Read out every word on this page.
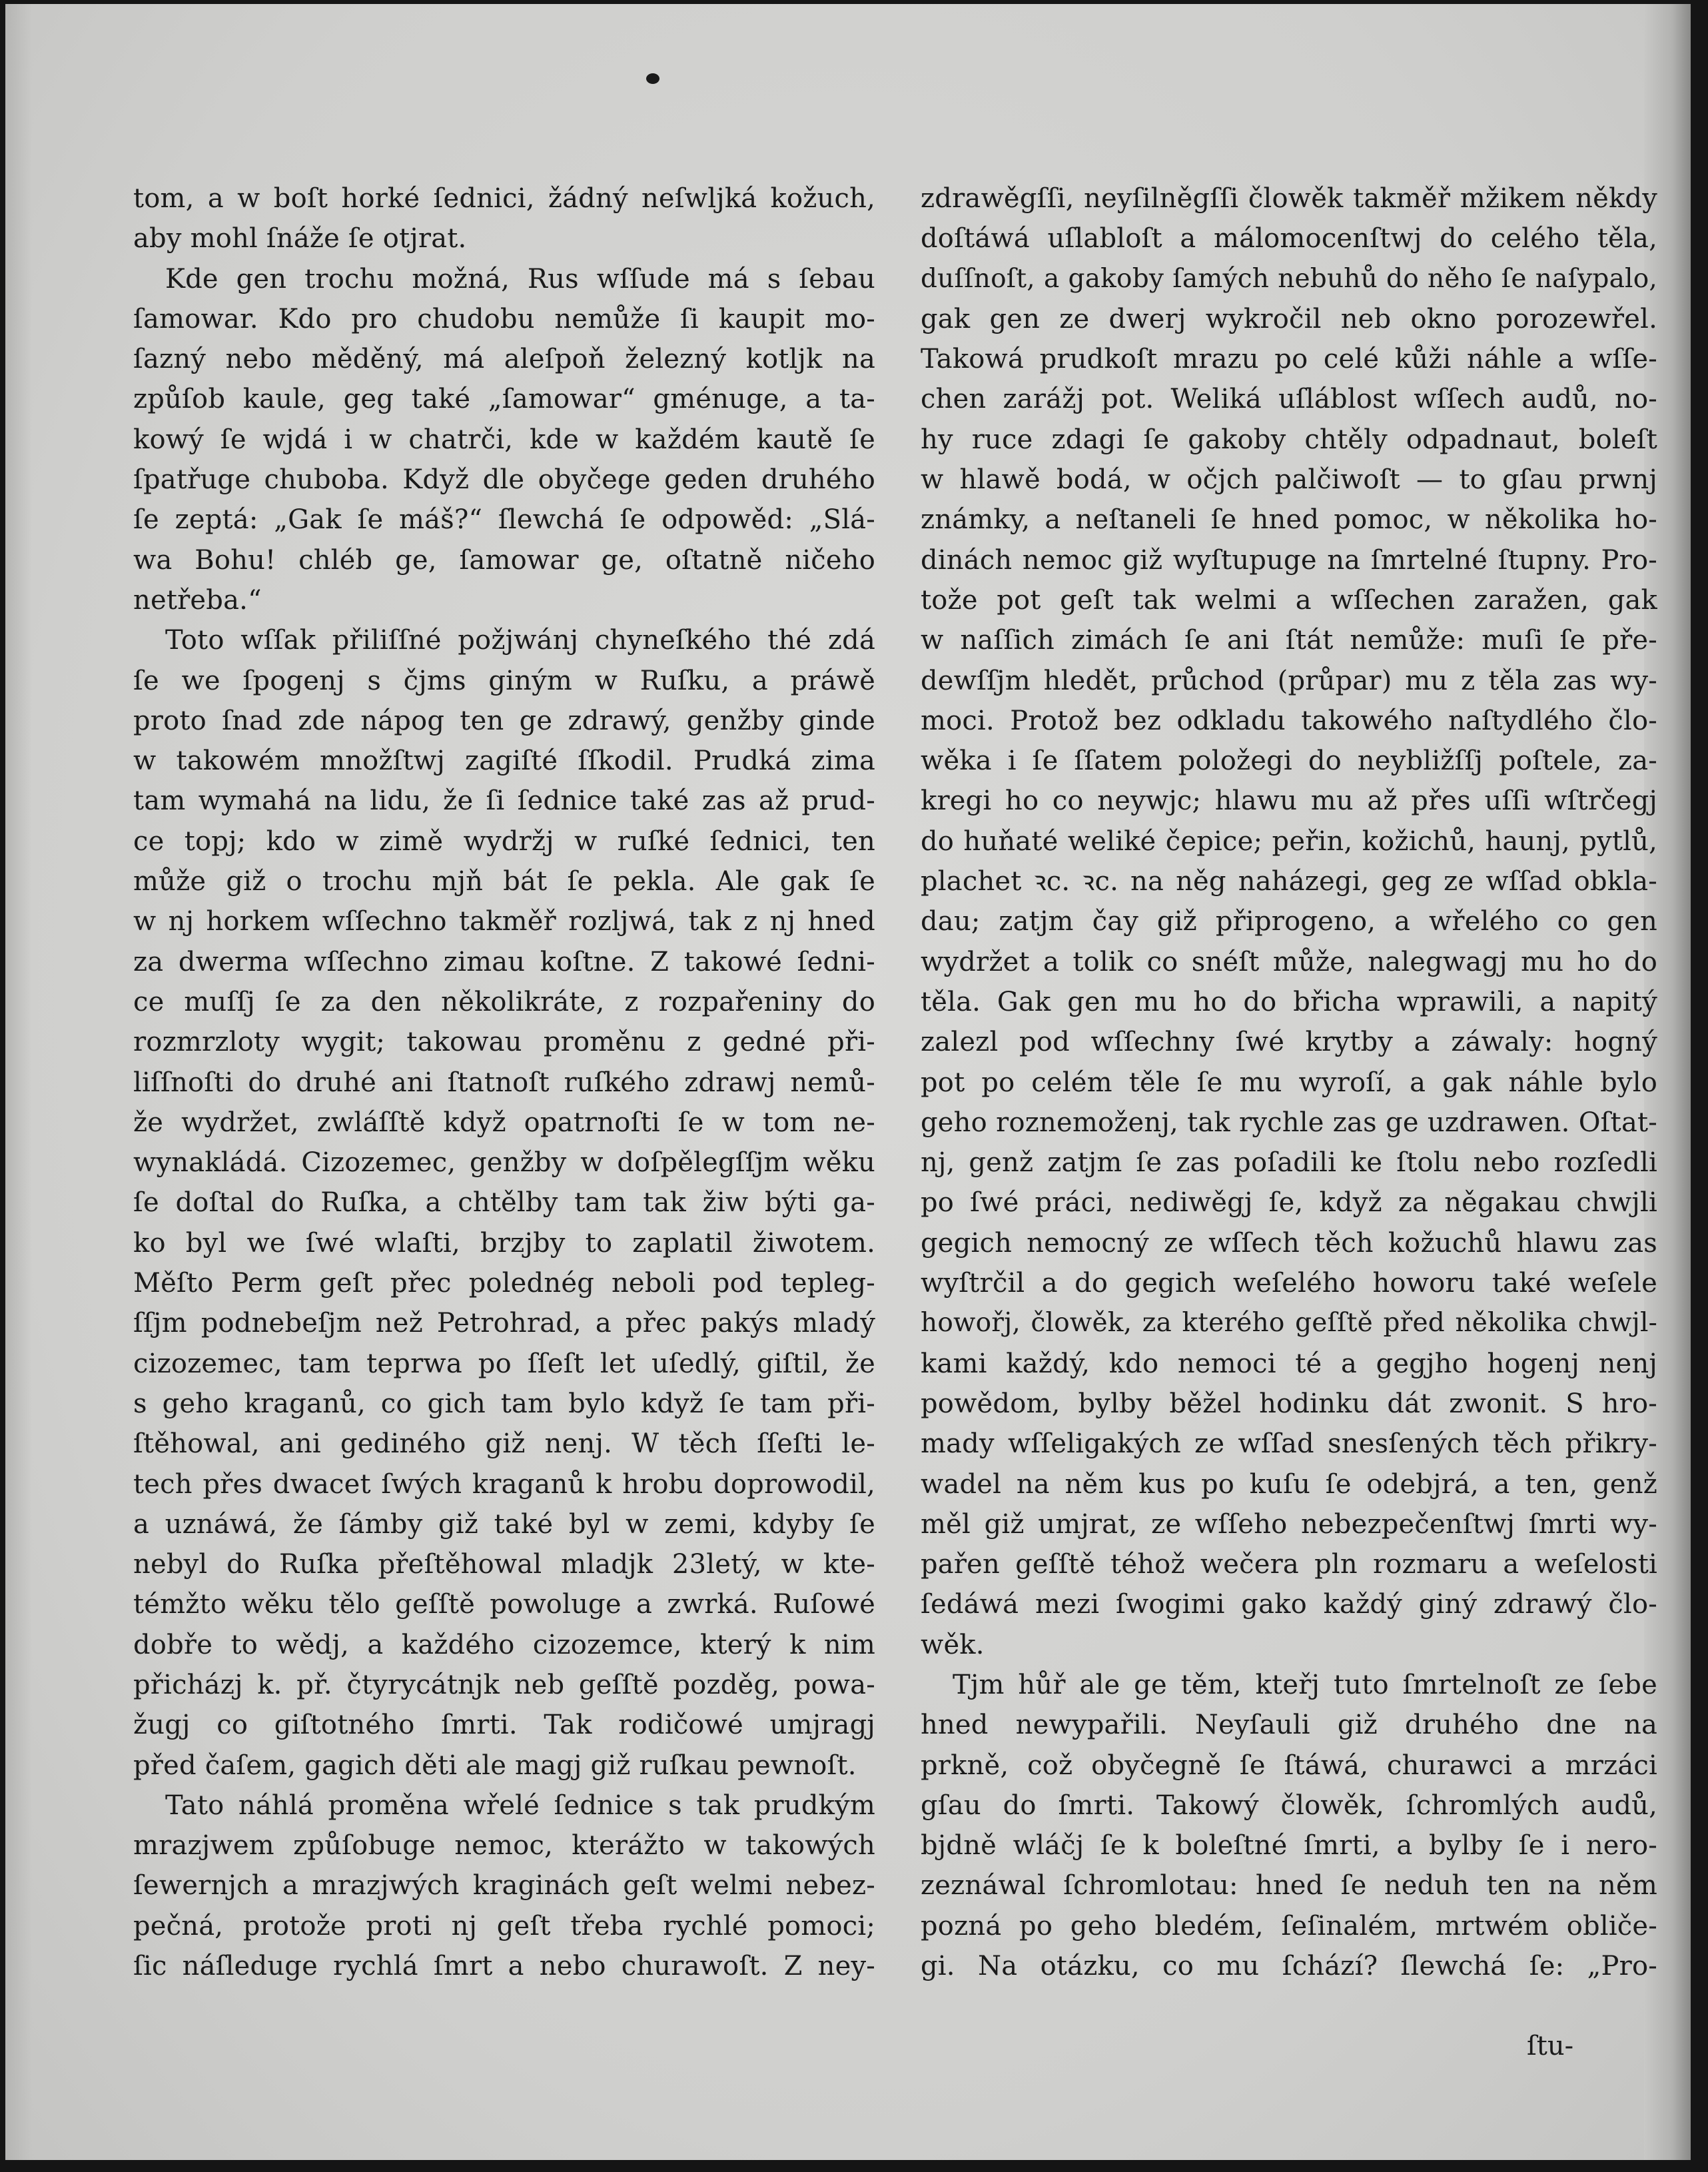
tom, a w boſt horké ſednici, žádný neſwljká kožuch,
aby mohl ſnáže ſe otjrat.
Kde gen trochu možná, Rus wſſude má s ſebau
ſamowar. Kdo pro chudobu nemůže ſi kaupit mo-
ſazný nebo měděný, má aleſpoň železný kotljk na
způſob kaule, geg také „ſamowar“ gménuge, a ta-
kowý ſe wjdá i w chatrči, kde w každém kautě ſe
ſpatřuge chuboba. Když dle obyčege geden druhého
ſe zeptá: „Gak ſe máš?“ ſlewchá ſe odpowěd: „Slá-
wa Bohu! chléb ge, ſamowar ge, oſtatně ničeho
netřeba.“
Toto wſſak přiliſſné požjwánj chyneſkého thé zdá
ſe we ſpogenj s čjms giným w Ruſku, a práwě
proto ſnad zde nápog ten ge zdrawý, genžby ginde
w takowém množſtwj zagiſté ſſkodil. Prudká zima
tam wymahá na lidu, že ſi ſednice také zas až prud-
ce topj; kdo w zimě wydržj w ruſké ſednici, ten
může giž o trochu mjň bát ſe pekla. Ale gak ſe
w nj horkem wſſechno takměř rozljwá, tak z nj hned
za dwerma wſſechno zimau koſtne. Z takowé ſedni-
ce muſſj ſe za den několikráte, z rozpařeniny do
rozmrzloty wygit; takowau proměnu z gedné při-
liſſnoſti do druhé ani ſtatnoſt ruſkého zdrawj nemů-
že wydržet, zwláſſtě když opatrnoſti ſe w tom ne-
wynakládá. Cizozemec, genžby w doſpělegſſjm wěku
ſe doſtal do Ruſka, a chtělby tam tak žiw býti ga-
ko byl we ſwé wlaſti, brzjby to zaplatil žiwotem.
Měſto Perm geſt přec polednég neboli pod tepleg-
ſſjm podnebeſjm než Petrohrad, a přec pakýs mladý
cizozemec, tam teprwa po ſſeſt let uſedlý, giſtil, že
s geho kraganů, co gich tam bylo když ſe tam při-
ſtěhowal, ani gediného giž nenj. W těch ſſeſti le-
tech přes dwacet ſwých kraganů k hrobu doprowodil,
a uznáwá, že ſámby giž také byl w zemi, kdyby ſe
nebyl do Ruſka přeſtěhowal mladjk 23letý, w kte-
témžto wěku tělo geſſtě powoluge a zwrká. Ruſowé
dobře to wědj, a každého cizozemce, který k nim
přicházj k. př. čtyrycátnjk neb geſſtě pozděg, powa-
žugj co giſtotného ſmrti. Tak rodičowé umjragj
před čaſem, gagich děti ale magj giž ruſkau pewnoſt.
Tato náhlá proměna wřelé ſednice s tak prudkým
mrazjwem způſobuge nemoc, kterážto w takowých
ſewernjch a mrazjwých kraginách geſt welmi nebez-
pečná, protože proti nj geſt třeba rychlé pomoci;
ſic náſleduge rychlá ſmrt a nebo churawoſt. Z ney-
zdrawěgſſi, neyſilněgſſi člowěk takměř mžikem někdy
doſtáwá uſlabloſt a málomocenſtwj do celého těla,
duſſnoſt, a gakoby ſamých nebuhů do něho ſe naſypalo,
gak gen ze dwerj wykročil neb okno porozewřel.
Takowá prudkoſt mrazu po celé kůži náhle a wſſe-
chen zarážj pot. Weliká uſláblost wſſech audů, no-
hy ruce zdagi ſe gakoby chtěly odpadnaut, boleſt
w hlawě bodá, w očjch palčiwoſt — to gſau prwnj
známky, a neſtaneli ſe hned pomoc, w několika ho-
dinách nemoc giž wyſtupuge na ſmrtelné ſtupny. Pro-
tože pot geſt tak welmi a wſſechen zaražen, gak
w naſſich zimách ſe ani ſtát nemůže: muſi ſe pře-
dewſſjm hledět, průchod (průpar) mu z těla zas wy-
moci. Protož bez odkladu takowého naſtydlého člo-
wěka i ſe ſſatem položegi do neybližſſj poſtele, za-
kregi ho co neywjc; hlawu mu až přes uſſi wſtrčegj
do huňaté weliké čepice; peřin, kožichů, haunj, pytlů,
plachet ꝛc. ꝛc. na něg naházegi, geg ze wſſad obkla-
dau; zatjm čay giž připrogeno, a wřelého co gen
wydržet a tolik co snéſt může, nalegwagj mu ho do
těla. Gak gen mu ho do břicha wprawili, a napitý
zalezl pod wſſechny ſwé krytby a záwaly: hogný
pot po celém těle ſe mu wyroſí, a gak náhle bylo
geho roznemoženj, tak rychle zas ge uzdrawen. Oſtat-
nj, genž zatjm ſe zas poſadili ke ſtolu nebo rozſedli
po ſwé práci, nediwěgj ſe, když za něgakau chwjli
gegich nemocný ze wſſech těch kožuchů hlawu zas
wyſtrčil a do gegich weſelého howoru také weſele
howořj, člowěk, za kterého geſſtě před několika chwjl-
kami každý, kdo nemoci té a gegjho hogenj nenj
powědom, bylby běžel hodinku dát zwonit. S hro-
mady wſſeligakých ze wſſad snesſených těch přikry-
wadel na něm kus po kuſu ſe odebjrá, a ten, genž
měl giž umjrat, ze wſſeho nebezpečenſtwj ſmrti wy-
pařen geſſtě téhož wečera pln rozmaru a weſelosti
ſedáwá mezi ſwogimi gako každý giný zdrawý člo-
wěk.
Tjm hůř ale ge těm, kteřj tuto ſmrtelnoſt ze ſebe
hned newypařili. Neyſauli giž druhého dne na
prkně, což obyčegně ſe ſtáwá, churawci a mrzáci
gſau do ſmrti. Takowý člowěk, ſchromlých audů,
bjdně wláčj ſe k boleſtné ſmrti, a bylby ſe i nero-
zeznáwal ſchromlotau: hned ſe neduh ten na něm
pozná po geho bledém, ſeſinalém, mrtwém obliče-
gi. Na otázku, co mu ſchází? ſlewchá ſe: „Pro-
ſtu-
